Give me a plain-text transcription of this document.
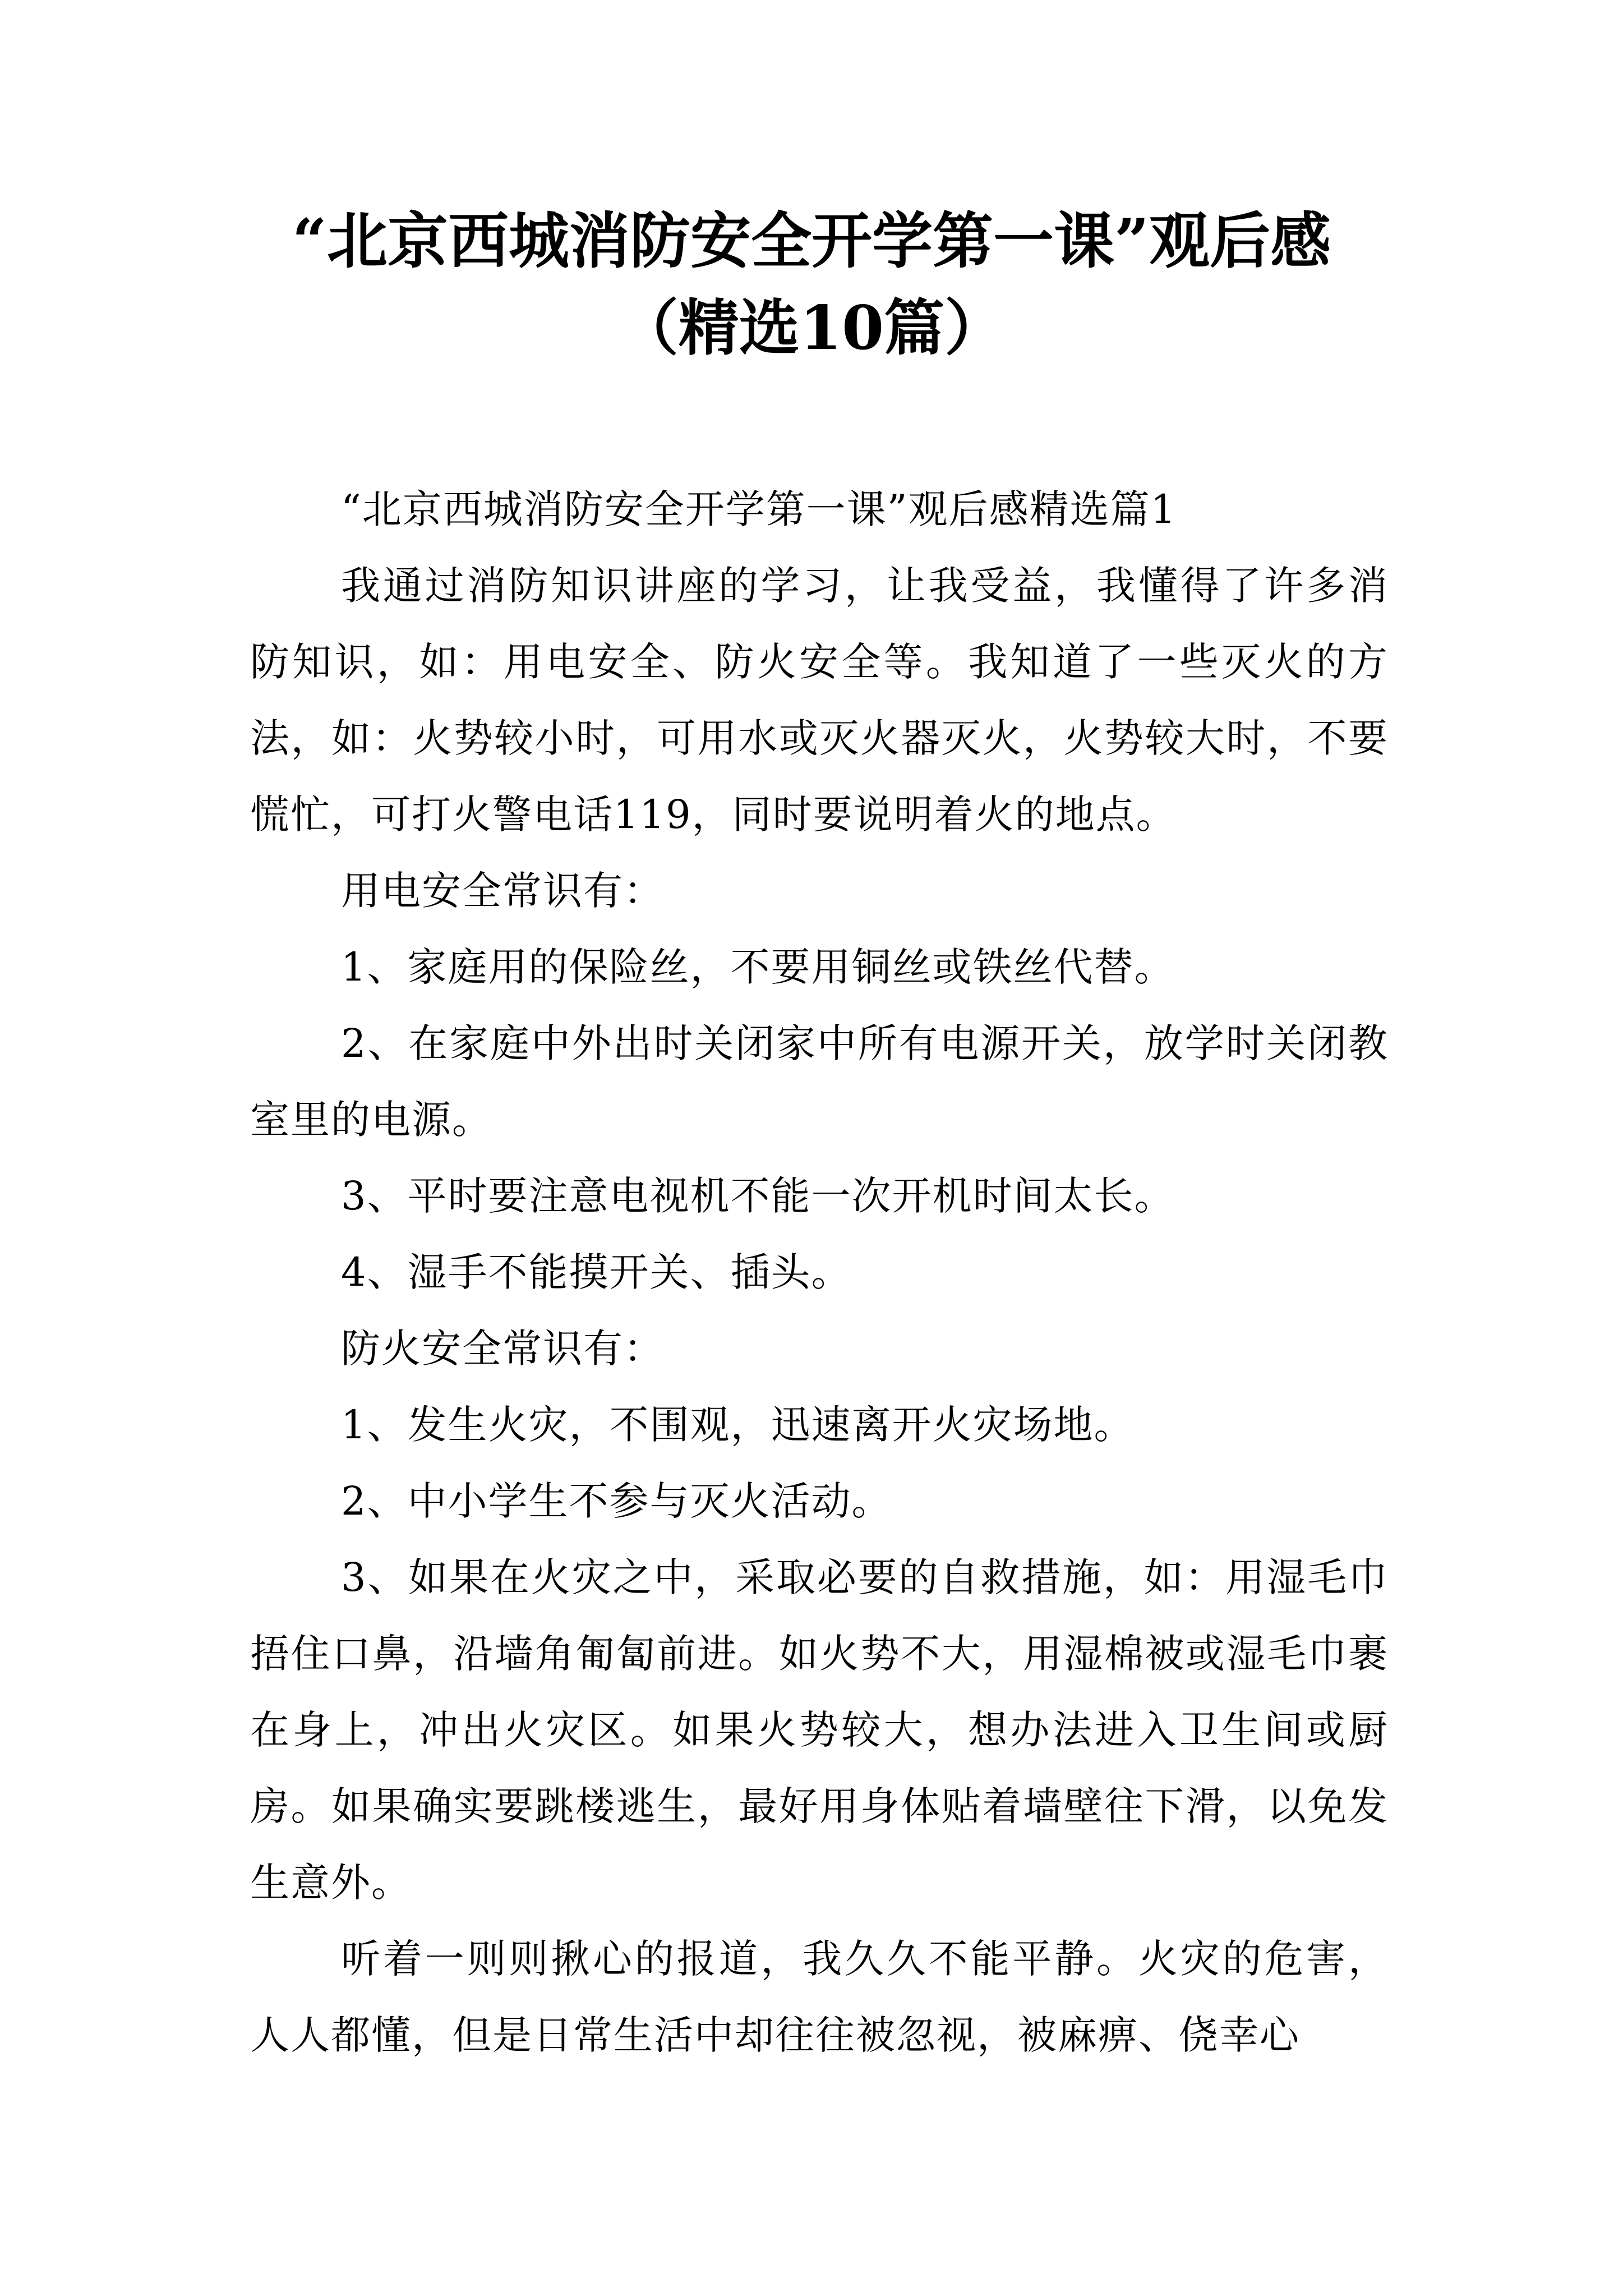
“北京西城消防安全开学第一课”观后感
（精选10篇）

“北京西城消防安全开学第一课”观后感精选篇1

我通过消防知识讲座的学习，让我受益，我懂得了许多消防知识，如：用电安全、防火安全等。我知道了一些灭火的方法，如：火势较小时，可用水或灭火器灭火，火势较大时，不要慌忙，可打火警电话119，同时要说明着火的地点。

用电安全常识有：

1、家庭用的保险丝，不要用铜丝或铁丝代替。

2、在家庭中外出时关闭家中所有电源开关，放学时关闭教室里的电源。

3、平时要注意电视机不能一次开机时间太长。

4、湿手不能摸开关、插头。

防火安全常识有：

1、发生火灾，不围观，迅速离开火灾场地。

2、中小学生不参与灭火活动。

3、如果在火灾之中，采取必要的自救措施，如：用湿毛巾捂住口鼻，沿墙角匍匐前进。如火势不大，用湿棉被或湿毛巾裹在身上，冲出火灾区。如果火势较大，想办法进入卫生间或厨房。如果确实要跳楼逃生，最好用身体贴着墙壁往下滑，以免发生意外。

听着一则则揪心的报道，我久久不能平静。火灾的危害，人人都懂，但是日常生活中却往往被忽视，被麻痹、侥幸心
